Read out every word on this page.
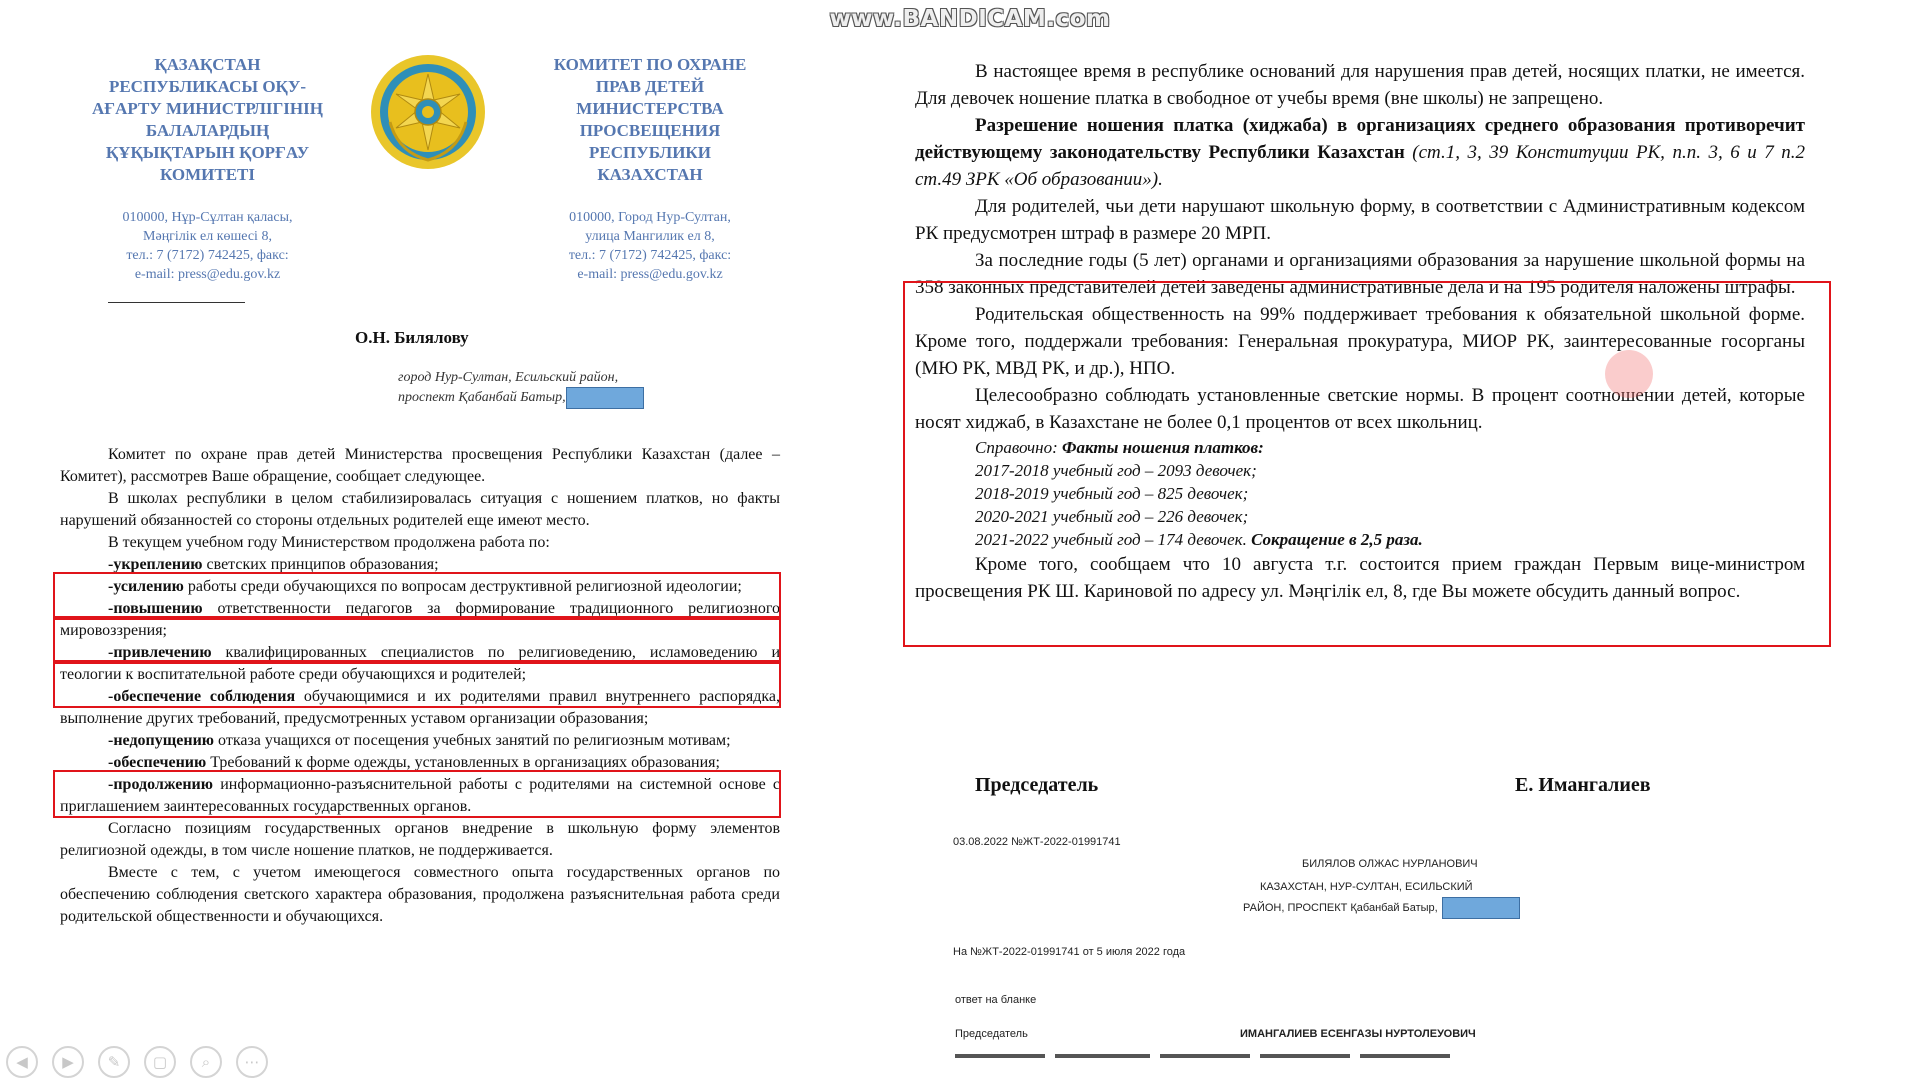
www.BANDICAM.com
ҚАЗАҚСТАН
РЕСПУБЛИКАСЫ ОҚУ-
АҒАРТУ МИНИСТРЛІГІНІҢ
БАЛАЛАРДЫҢ
ҚҰҚЫҚТАРЫН ҚОРҒАУ
КОМИТЕТІ
010000, Нұр-Сұлтан қаласы,
Мәңгілік ел көшесі 8,
тел.: 7 (7172) 742425, факс:
e-mail: press@edu.gov.kz
КОМИТЕТ ПО ОХРАНЕ
ПРАВ ДЕТЕЙ
МИНИСТЕРСТВА
ПРОСВЕЩЕНИЯ
РЕСПУБЛИКИ
КАЗАХСТАН
010000, Город Нур-Султан,
улица Мангилик ел 8,
тел.: 7 (7172) 742425, факс:
e-mail: press@edu.gov.kz
О.Н. Билялову
город Нур-Султан, Есильский район,
проспект Қабанбай Батыр,

Комитет по охране прав детей Министерства просвещения Республики Казахстан (далее – Комитет), рассмотрев Ваше обращение, сообщает следующее.

В школах республики в целом стабилизировалась ситуация с ношением платков, но факты нарушений обязанностей со стороны отдельных родителей еще имеют место.

В текущем учебном году Министерством продолжена работа по:

-укреплению светских принципов образования;

-усилению работы среди обучающихся по вопросам деструктивной религиозной идеологии;

-повышению ответственности педагогов за формирование традиционного религиозного мировоззрения;

-привлечению квалифицированных специалистов по религиоведению, исламоведению и теологии к воспитательной работе среди обучающихся и родителей;

-обеспечение соблюдения обучающимися и их родителями правил внутреннего распорядка, выполнение других требований, предусмотренных уставом организации образования;

-недопущению отказа учащихся от посещения учебных занятий по религиозным мотивам;

-обеспечению Требований к форме одежды, установленных в организациях образования;

-продолжению информационно-разъяснительной работы с родителями на системной основе с приглашением заинтересованных государственных органов.

Согласно позициям государственных органов внедрение в школьную форму элементов религиозной одежды, в том числе ношение платков, не поддерживается.

Вместе с тем, с учетом имеющегося совместного опыта государственных органов по обеспечению соблюдения светского характера образования, продолжена разъяснительная работа среди родительской общественности и обучающихся.

В настоящее время в республике оснований для нарушения прав детей, носящих платки, не имеется. Для девочек ношение платка в свободное от учебы время (вне школы) не запрещено.

Разрешение ношения платка (хиджаба) в организациях среднего образования противоречит действующему законодательству Республики Казахстан (ст.1, 3, 39 Конституции РК, п.п. 3, 6 и 7 п.2 ст.49 ЗРК «Об образовании»).

Для родителей, чьи дети нарушают школьную форму, в соответствии с Административным кодексом РК предусмотрен штраф в размере 20 МРП.

За последние годы (5 лет) органами и организациями образования за нарушение школьной формы на 358 законных представителей детей заведены административные дела и на 195 родителя наложены штрафы.

Родительская общественность на 99% поддерживает требования к обязательной школьной форме. Кроме того, поддержали требования: Генеральная прокуратура, МИОР РК, заинтересованные госорганы (МЮ РК, МВД РК, и др.), НПО.

Целесообразно соблюдать установленные светские нормы. В процент соотношении детей, которые носят хиджаб, в Казахстане не более 0,1 процентов от всех школьниц.

Справочно: Факты ношения платков:

2017-2018 учебный год – 2093 девочек;

2018-2019 учебный год – 825 девочек;

2020-2021 учебный год – 226 девочек;

2021-2022 учебный год – 174 девочек. Сокращение в 2,5 раза.

Кроме того, сообщаем что 10 августа т.г. состоится прием граждан Первым вице-министром просвещения РК Ш. Кариновой по адресу ул. Мәңгілік ел, 8, где Вы можете обсудить данный вопрос.

Председатель	Е. Имангалиев
03.08.2022 №ЖТ-2022-01991741
БИЛЯЛОВ ОЛЖАС НУРЛАНОВИЧ
КАЗАХСТАН, НУР-СУЛТАН, ЕСИЛЬСКИЙ
РАЙОН, ПРОСПЕКТ Қабанбай Батыр,
На №ЖТ-2022-01991741 от 5 июля 2022 года
ответ на бланке
Председатель	ИМАНГАЛИЕВ ЕСЕНГАЗЫ НУРТОЛЕУОВИЧ
◀	▶	✎	▢	⌕	⋯
